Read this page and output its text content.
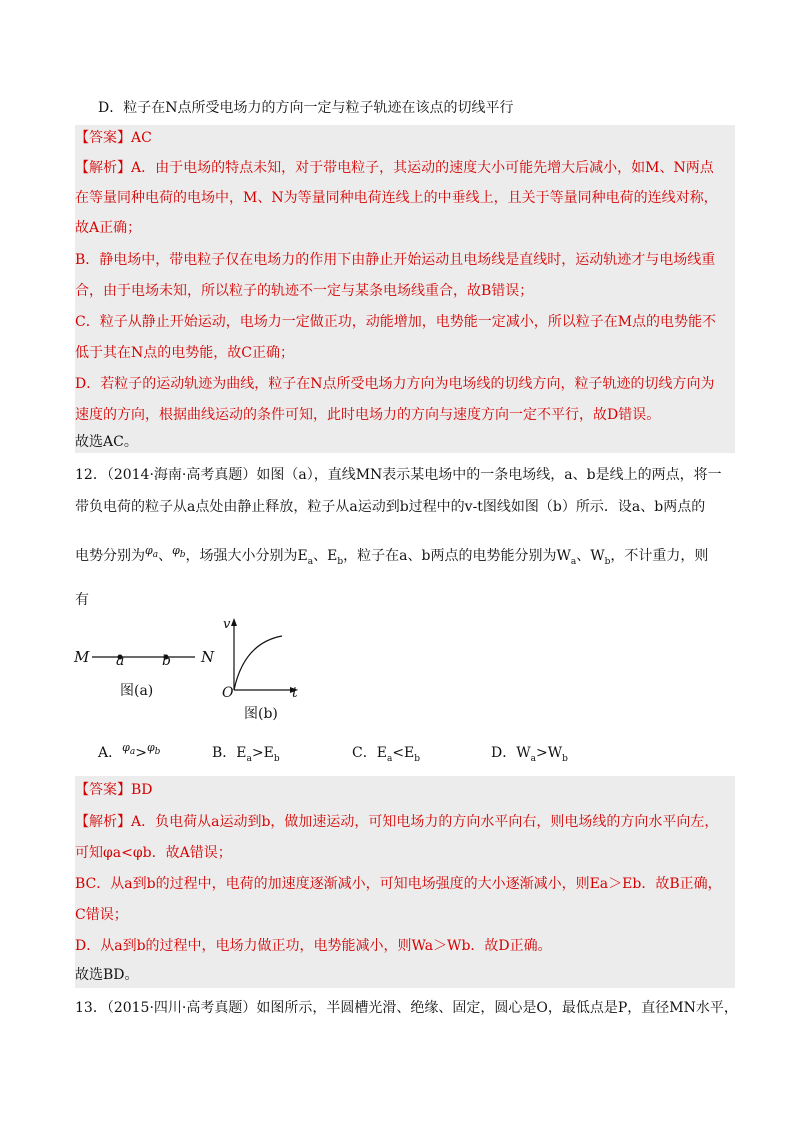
D．粒子在N点所受电场力的方向一定与粒子轨迹在该点的切线平行
【答案】AC
【解析】A．由于电场的特点未知，对于带电粒子，其运动的速度大小可能先增大后减小，如M、N两点
在等量同种电荷的电场中，M、N为等量同种电荷连线上的中垂线上，且关于等量同种电荷的连线对称，
故A正确；
B．静电场中，带电粒子仅在电场力的作用下由静止开始运动且电场线是直线时，运动轨迹才与电场线重
合，由于电场未知，所以粒子的轨迹不一定与某条电场线重合，故B错误；
C．粒子从静止开始运动，电场力一定做正功，动能增加，电势能一定减小，所以粒子在M点的电势能不
低于其在N点的电势能，故C正确；
D．若粒子的运动轨迹为曲线，粒子在N点所受电场力方向为电场线的切线方向，粒子轨迹的切线方向为
速度的方向，根据曲线运动的条件可知，此时电场力的方向与速度方向一定不平行，故D错误。
故选AC。
12．（2014·海南·高考真题）如图（a），直线MN表示某电场中的一条电场线，a、b是线上的两点，将一
带负电荷的粒子从a点处由静止释放，粒子从a运动到b过程中的v-t图线如图（b）所示．设a、b两点的
电势分别为$^{\varphi a}$、$^{\varphi b}$，场强大小分别为$E_a$、$E_b$，粒子在a、b两点的电势能分别为$W_a$、$W_b$，不计重力，则
有
M a	b N
图(a)
v
O	t
图(b)
A．$^{\varphi a}$>$^{\varphi b}$	B．$E_a>E_b$	C．$E_a<E_b$	D．$W_a>W_b$
【答案】BD
【解析】A．负电荷从a运动到b，做加速运动，可知电场力的方向水平向右，则电场线的方向水平向左，
可知φa<φb．故A错误；
BC．从a到b的过程中，电荷的加速度逐渐减小，可知电场强度的大小逐渐减小，则Ea＞Eb．故B正确，
C错误；
D．从a到b的过程中，电场力做正功，电势能减小，则Wa＞Wb．故D正确。
故选BD。
13．（2015·四川·高考真题）如图所示，半圆槽光滑、绝缘、固定，圆心是O，最低点是P，直径MN水平，
